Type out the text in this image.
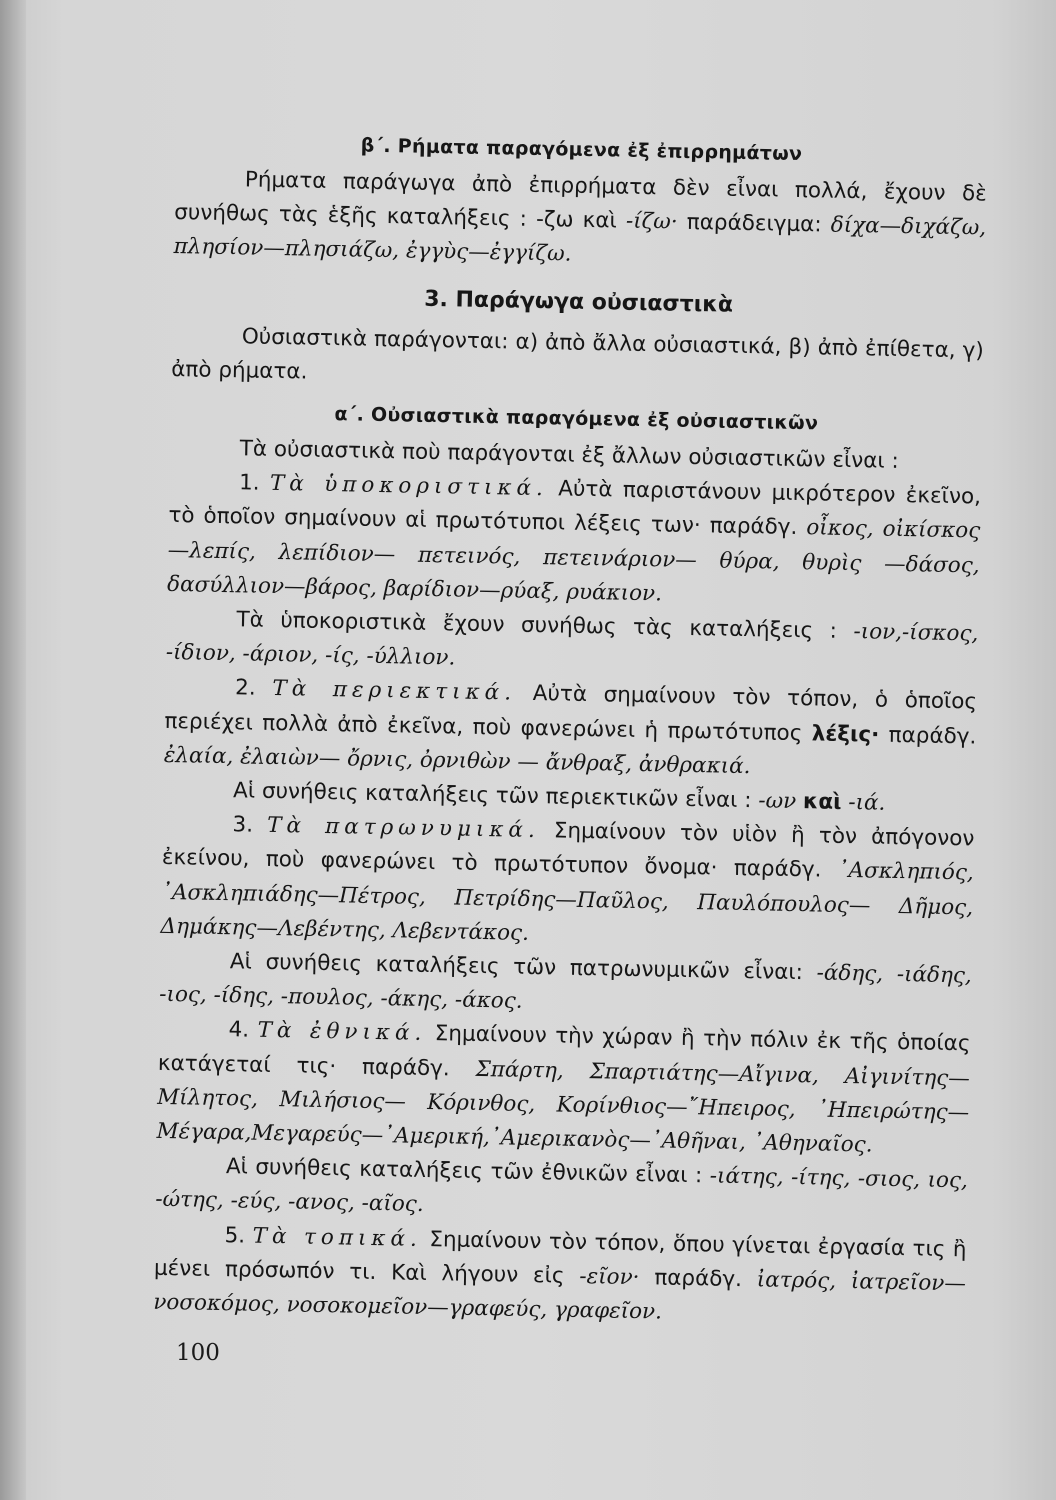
β΄. Ρήματα παραγόμενα ἐξ ἐπιρρημάτων

Ρήματα παράγωγα ἀπὸ ἐπιρρήματα δὲν εἶναι πολλά, ἔχουν δὲ συνήθως τὰς ἑξῆς καταλήξεις : -ζω καὶ -ίζω· παράδειγμα: δίχα—διχάζω, πλησίον—πλησιάζω, ἐγγὺς—ἐγγίζω.

3. Παράγωγα οὐσιαστικὰ

Οὐσιαστικὰ παράγονται: α) ἀπὸ ἄλλα οὐσιαστικά, β) ἀπὸ ἐπίθετα, γ) ἀπὸ ρήματα.

α΄. Οὐσιαστικὰ παραγόμενα ἐξ οὐσιαστικῶν

Τὰ οὐσιαστικὰ ποὺ παράγονται ἐξ ἄλλων οὐσιαστικῶν εἶναι :

1. Τὰ ὑποκοριστικά. Αὐτὰ παριστάνουν μικρότερον ἐκεῖνο, τὸ ὁποῖον σημαίνουν αἱ πρωτότυποι λέξεις των· παράδγ. οἶκος, οἰκίσκος—λεπίς, λεπίδιον— πετεινός, πετεινάριον— θύρα, θυρὶς —δάσος, δασύλλιον—βάρος, βαρίδιον—ρύαξ, ρυάκιον.

Τὰ ὑποκοριστικὰ ἔχουν συνήθως τὰς καταλήξεις : -ιον,-ίσκος, -ίδιον, -άριον, -ίς, -ύλλιον.

2. Τὰ περιεκτικά. Αὐτὰ σημαίνουν τὸν τόπον, ὁ ὁποῖος περιέχει πολλὰ ἀπὸ ἐκεῖνα, ποὺ φανερώνει ἡ πρωτότυπος λέξις· παράδγ. ἐλαία, ἐλαιὼν— ὄρνις, ὀρνιθὼν — ἄνθραξ, ἀνθρακιά.

Αἱ συνήθεις καταλήξεις τῶν περιεκτικῶν εἶναι : -ων καὶ -ιά.

3. Τὰ πατρωνυμικά. Σημαίνουν τὸν υἱὸν ἢ τὸν ἀπόγονον ἐκείνου, ποὺ φανερώνει τὸ πρωτότυπον ὄνομα· παράδγ. ᾿Ασκληπιός, ᾿Ασκληπιάδης—Πέτρος, Πετρίδης—Παῦλος, Παυλόπουλος— Δῆμος, Δημάκης—Λεβέντης, Λεβεντάκος.

Αἱ συνήθεις καταλήξεις τῶν πατρωνυμικῶν εἶναι: -άδης, -ιάδης, -ιος, -ίδης, -πουλος, -άκης, -άκος.

4. Τὰ ἐθνικά. Σημαίνουν τὴν χώραν ἢ τὴν πόλιν ἐκ τῆς ὁποίας κατάγεταί τις· παράδγ. Σπάρτη, Σπαρτιάτης—Αἴγινα, Αἰγινίτης—Μίλητος, Μιλήσιος— Κόρινθος, Κορίνθιος—῎Ηπειρος, ᾿Ηπειρώτης—Μέγαρα,Μεγαρεύς—᾿Αμερική,᾿Αμερικανὸς—᾿Αθῆναι, ᾿Αθηναῖος.

Αἱ συνήθεις καταλήξεις τῶν ἐθνικῶν εἶναι : -ιάτης, -ίτης, -σιος, ιος, -ώτης, -εύς, -ανος, -αῖος.

5. Τὰ τοπικά. Σημαίνουν τὸν τόπον, ὅπου γίνεται ἐργασία τις ἢ μένει πρόσωπόν τι. Καὶ λήγουν εἰς -εῖον· παράδγ. ἰατρός, ἰατρεῖον—νοσοκόμος, νοσοκομεῖον—γραφεύς, γραφεῖον.

100
